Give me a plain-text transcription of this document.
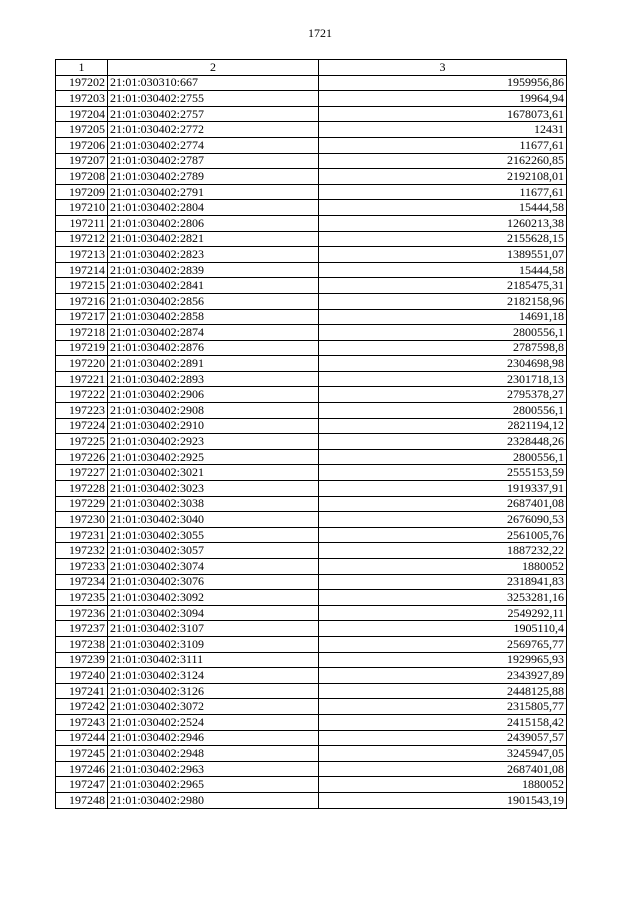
1721
1	2	3
197202	21:01:030310:667	1959956,86
197203	21:01:030402:2755	19964,94
197204	21:01:030402:2757	1678073,61
197205	21:01:030402:2772	12431
197206	21:01:030402:2774	11677,61
197207	21:01:030402:2787	2162260,85
197208	21:01:030402:2789	2192108,01
197209	21:01:030402:2791	11677,61
197210	21:01:030402:2804	15444,58
197211	21:01:030402:2806	1260213,38
197212	21:01:030402:2821	2155628,15
197213	21:01:030402:2823	1389551,07
197214	21:01:030402:2839	15444,58
197215	21:01:030402:2841	2185475,31
197216	21:01:030402:2856	2182158,96
197217	21:01:030402:2858	14691,18
197218	21:01:030402:2874	2800556,1
197219	21:01:030402:2876	2787598,8
197220	21:01:030402:2891	2304698,98
197221	21:01:030402:2893	2301718,13
197222	21:01:030402:2906	2795378,27
197223	21:01:030402:2908	2800556,1
197224	21:01:030402:2910	2821194,12
197225	21:01:030402:2923	2328448,26
197226	21:01:030402:2925	2800556,1
197227	21:01:030402:3021	2555153,59
197228	21:01:030402:3023	1919337,91
197229	21:01:030402:3038	2687401,08
197230	21:01:030402:3040	2676090,53
197231	21:01:030402:3055	2561005,76
197232	21:01:030402:3057	1887232,22
197233	21:01:030402:3074	1880052
197234	21:01:030402:3076	2318941,83
197235	21:01:030402:3092	3253281,16
197236	21:01:030402:3094	2549292,11
197237	21:01:030402:3107	1905110,4
197238	21:01:030402:3109	2569765,77
197239	21:01:030402:3111	1929965,93
197240	21:01:030402:3124	2343927,89
197241	21:01:030402:3126	2448125,88
197242	21:01:030402:3072	2315805,77
197243	21:01:030402:2524	2415158,42
197244	21:01:030402:2946	2439057,57
197245	21:01:030402:2948	3245947,05
197246	21:01:030402:2963	2687401,08
197247	21:01:030402:2965	1880052
197248	21:01:030402:2980	1901543,19
